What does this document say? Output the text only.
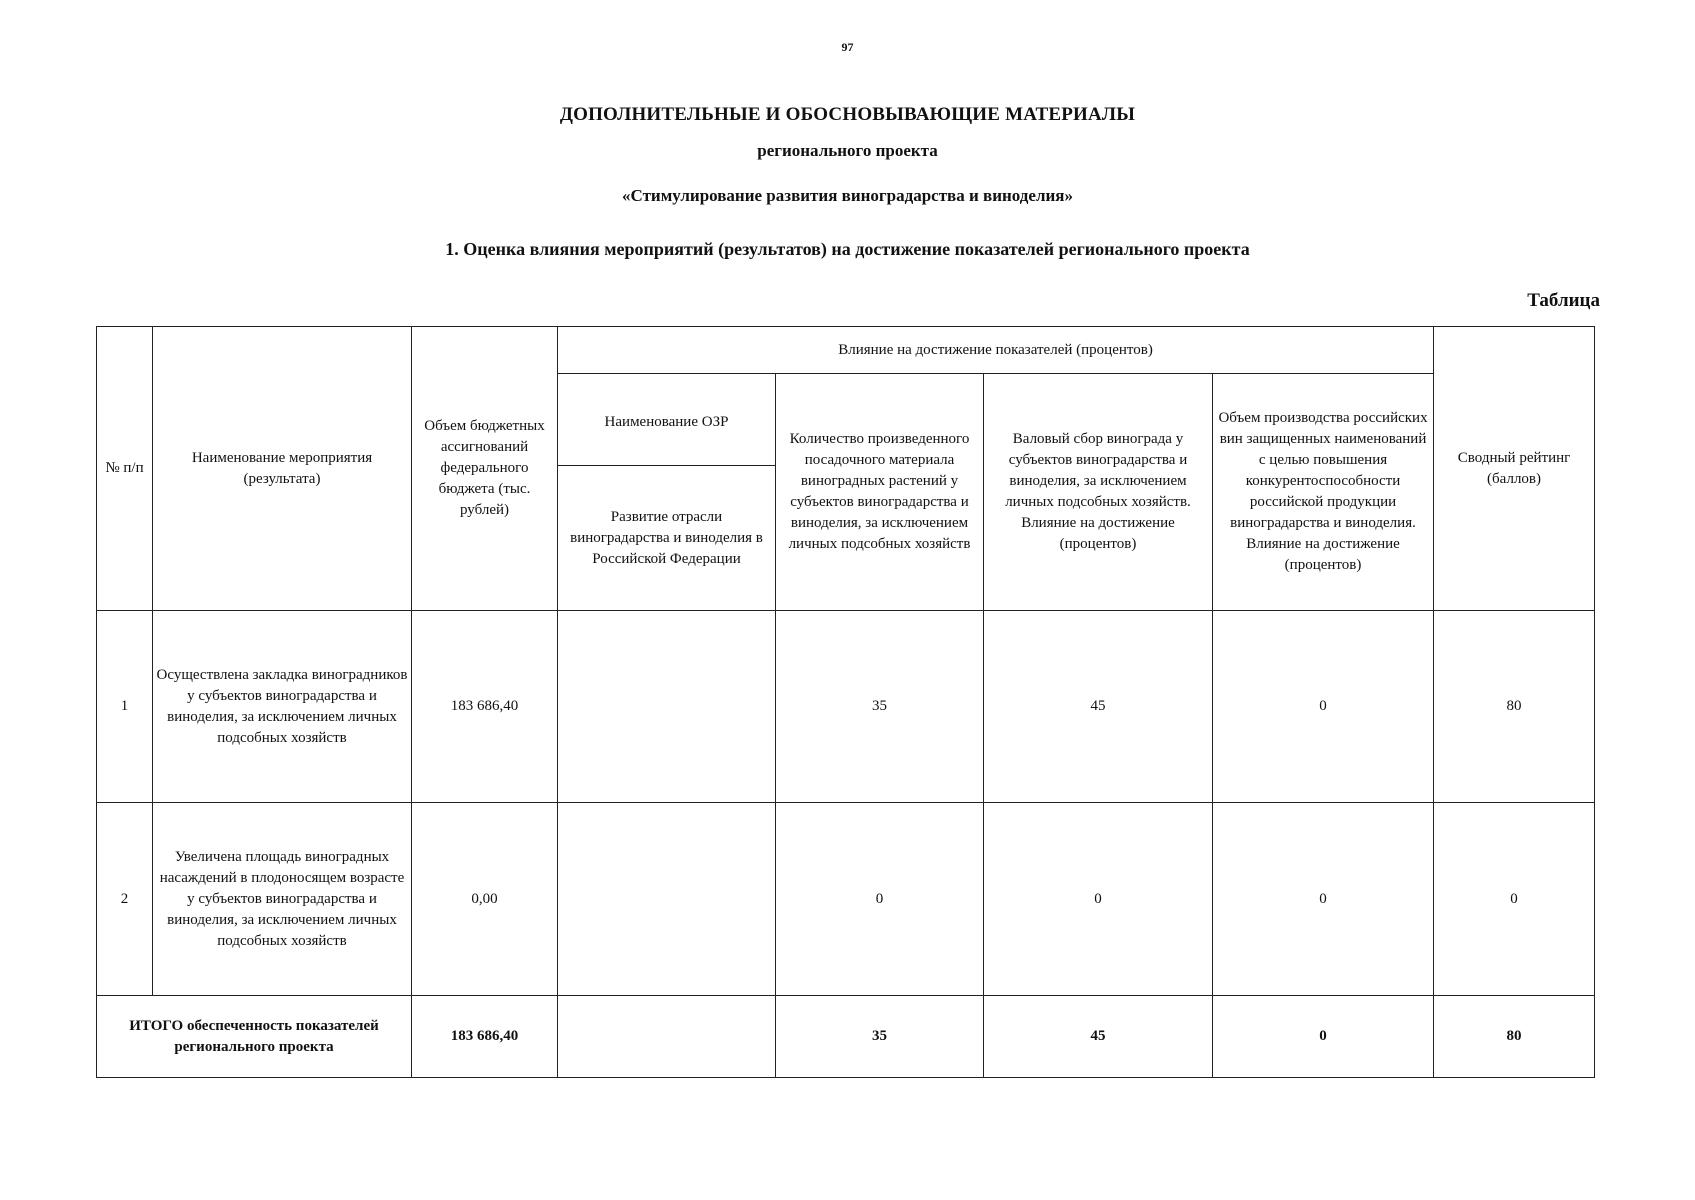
97
ДОПОЛНИТЕЛЬНЫЕ И ОБОСНОВЫВАЮЩИЕ МАТЕРИАЛЫ
регионального проекта
«Стимулирование развития виноградарства и виноделия»
1. Оценка влияния мероприятий (результатов) на достижение показателей регионального проекта
Таблица
№ п/п	Наименование мероприятия (результата)	Объем бюджетных ассигнований федерального бюджета (тыс. рублей)	Влияние на достижение показателей (процентов)				Сводный рейтинг (баллов)
			Наименование ОЗР	Количество произведенного посадочного материала виноградных растений у субъектов виноградарства и виноделия, за исключением личных подсобных хозяйств	Валовый сбор винограда у субъектов виноградарства и виноделия, за исключением личных подсобных хозяйств. Влияние на достижение (процентов)	Объем производства российских вин защищенных наименований с целью повышения конкурентоспособности российской продукции виноградарства и виноделия. Влияние на достижение (процентов)	
			Развитие отрасли виноградарства и виноделия в Российской Федерации				
1	Осуществлена закладка виноградников у субъектов виноградарства и виноделия, за исключением личных подсобных хозяйств	183 686,40		35	45	0	80
2	Увеличена площадь виноградных насаждений в плодоносящем возрасте у субъектов виноградарства и виноделия, за исключением личных подсобных хозяйств	0,00		0	0	0	0
ИТОГО обеспеченность показателей регионального проекта		183 686,40		35	45	0	80
